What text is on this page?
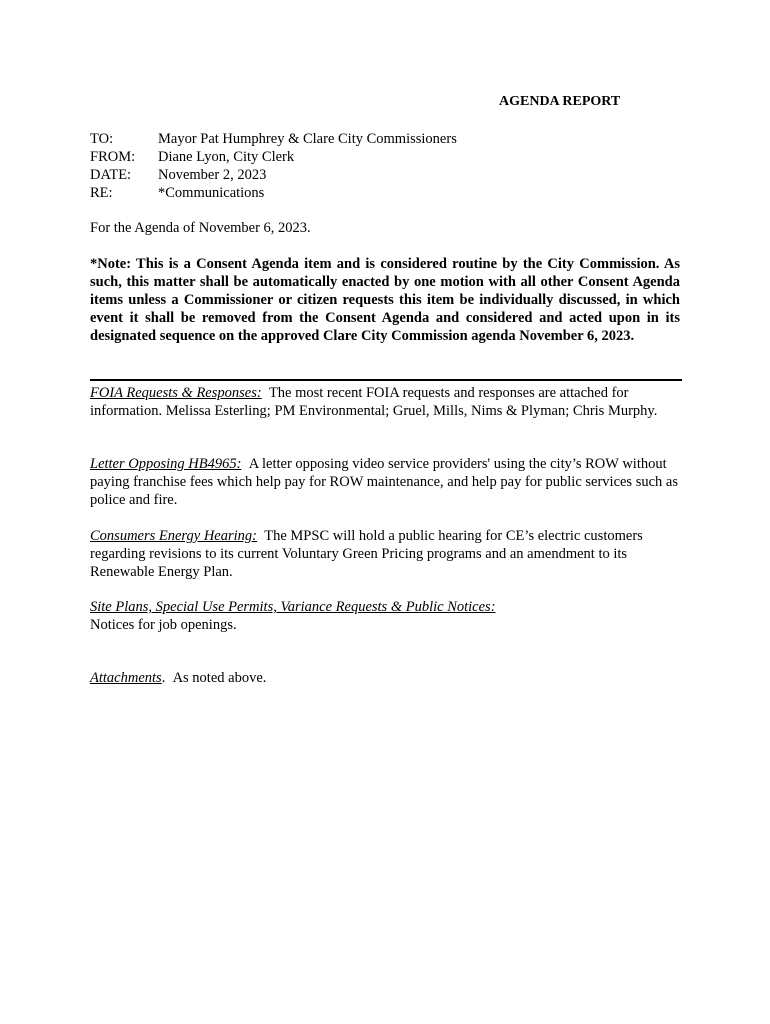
AGENDA REPORT
TO:	Mayor Pat Humphrey & Clare City Commissioners
FROM:	Diane Lyon, City Clerk
DATE:	November 2, 2023
RE:	*Communications
For the Agenda of November 6, 2023.
*Note: This is a Consent Agenda item and is considered routine by the City Commission. As such, this matter shall be automatically enacted by one motion with all other Consent Agenda items unless a Commissioner or citizen requests this item be individually discussed, in which event it shall be removed from the Consent Agenda and considered and acted upon in its designated sequence on the approved Clare City Commission agenda November 6, 2023.
FOIA Requests & Responses: The most recent FOIA requests and responses are attached for information. Melissa Esterling; PM Environmental; Gruel, Mills, Nims & Plyman; Chris Murphy.
Letter Opposing HB4965: A letter opposing video service providers' using the city’s ROW without paying franchise fees which help pay for ROW maintenance, and help pay for public services such as police and fire.
Consumers Energy Hearing: The MPSC will hold a public hearing for CE’s electric customers regarding revisions to its current Voluntary Green Pricing programs and an amendment to its Renewable Energy Plan.
Site Plans, Special Use Permits, Variance Requests & Public Notices:
Notices for job openings.
Attachments.  As noted above.
